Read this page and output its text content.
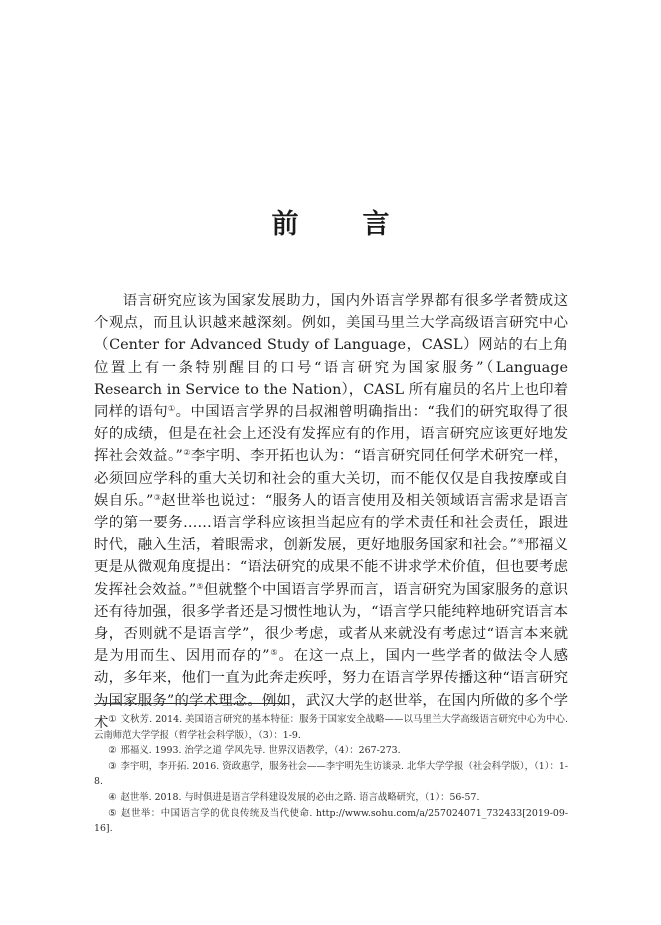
前言

语言研究应该为国家发展助力，国内外语言学界都有很多学者赞成这个观点，而且认识越来越深刻。例如，美国马里兰大学高级语言研究中心（Center for Advanced Study of Language，CASL）网站的右上角位置上有一条特别醒目的口号“语言研究为国家服务”（Language Research in Service to the Nation），CASL 所有雇员的名片上也印着同样的语句①。中国语言学界的吕叔湘曾明确指出：“我们的研究取得了很好的成绩，但是在社会上还没有发挥应有的作用，语言研究应该更好地发挥社会效益。”②李宇明、李开拓也认为：“语言研究同任何学术研究一样，必须回应学科的重大关切和社会的重大关切，而不能仅仅是自我按摩或自娱自乐。”③赵世举也说过：“服务人的语言使用及相关领域语言需求是语言学的第一要务……语言学科应该担当起应有的学术责任和社会责任，跟进时代，融入生活，着眼需求，创新发展，更好地服务国家和社会。”④邢福义更是从微观角度提出：“语法研究的成果不能不讲求学术价值，但也要考虑发挥社会效益。”⑤但就整个中国语言学界而言，语言研究为国家服务的意识还有待加强，很多学者还是习惯性地认为，“语言学只能纯粹地研究语言本身，否则就不是语言学”，很少考虑，或者从来就没有考虑过“语言本来就是为用而生、因用而存的”⑤。在这一点上，国内一些学者的做法令人感动，多年来，他们一直为此奔走疾呼，努力在语言学界传播这种“语言研究为国家服务”的学术理念。例如，武汉大学的赵世举，在国内所做的多个学术 ① 文秋芳. 2014. 美国语言研究的基本特征：服务于国家安全战略——以马里兰大学高级语言研究中心为中心. 云南师范大学学报（哲学社会科学版），（3）：1-9.
② 邢福义. 1993. 治学之道 学风先导. 世界汉语教学，（4）：267-273.
③ 李宇明，李开拓. 2016. 资政惠学，服务社会——李宇明先生访谈录. 北华大学学报（社会科学版），（1）：1-8.
④ 赵世举. 2018. 与时俱进是语言学科建设发展的必由之路. 语言战略研究，（1）：56-57.
⑤ 赵世举：中国语言学的优良传统及当代使命. http://www.sohu.com/a/257024071_732433[2019-09-16].
